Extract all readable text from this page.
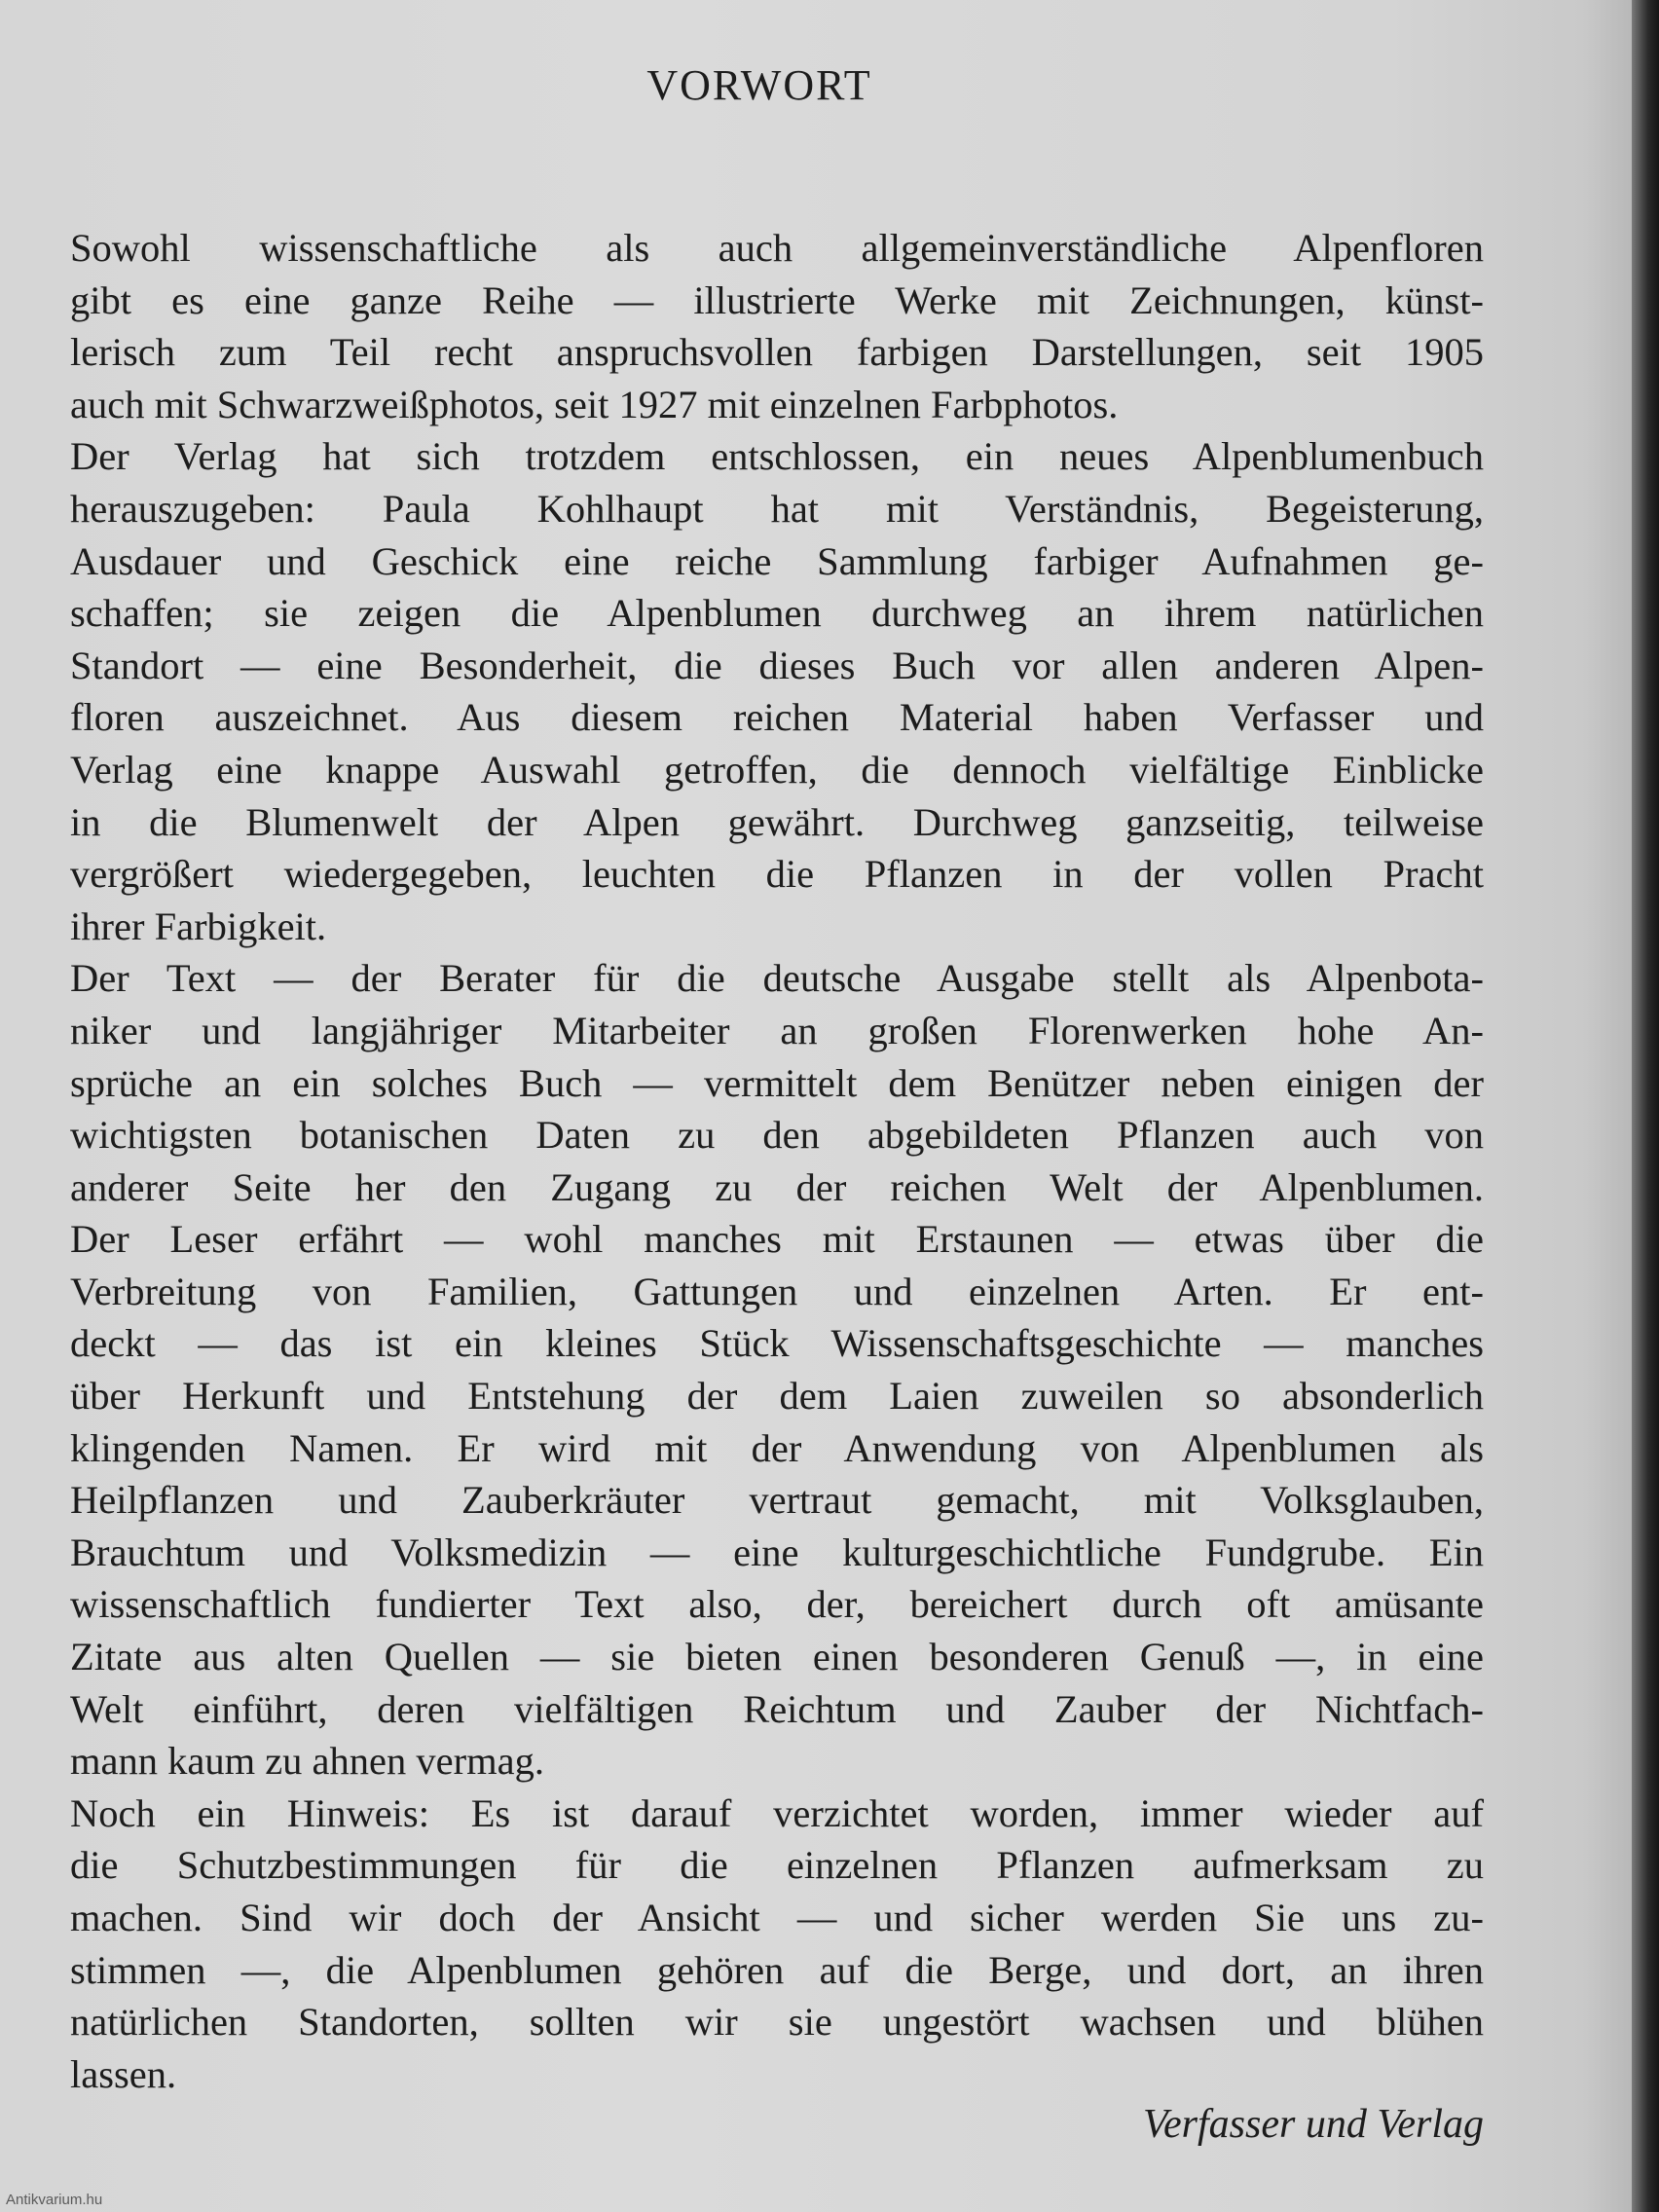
VORWORT
Sowohl wissenschaftliche als auch allgemeinverständliche Alpenfloren
gibt es eine ganze Reihe — illustrierte Werke mit Zeichnungen, künst-
lerisch zum Teil recht anspruchsvollen farbigen Darstellungen, seit 1905
auch mit Schwarzweißphotos, seit 1927 mit einzelnen Farbphotos.
Der Verlag hat sich trotzdem entschlossen, ein neues Alpenblumenbuch
herauszugeben: Paula Kohlhaupt hat mit Verständnis, Begeisterung,
Ausdauer und Geschick eine reiche Sammlung farbiger Aufnahmen ge-
schaffen; sie zeigen die Alpenblumen durchweg an ihrem natürlichen
Standort — eine Besonderheit, die dieses Buch vor allen anderen Alpen-
floren auszeichnet. Aus diesem reichen Material haben Verfasser und
Verlag eine knappe Auswahl getroffen, die dennoch vielfältige Einblicke
in die Blumenwelt der Alpen gewährt. Durchweg ganzseitig, teilweise
vergrößert wiedergegeben, leuchten die Pflanzen in der vollen Pracht
ihrer Farbigkeit.
Der Text — der Berater für die deutsche Ausgabe stellt als Alpenbota-
niker und langjähriger Mitarbeiter an großen Florenwerken hohe An-
sprüche an ein solches Buch — vermittelt dem Benützer neben einigen der
wichtigsten botanischen Daten zu den abgebildeten Pflanzen auch von
anderer Seite her den Zugang zu der reichen Welt der Alpenblumen.
Der Leser erfährt — wohl manches mit Erstaunen — etwas über die
Verbreitung von Familien, Gattungen und einzelnen Arten. Er ent-
deckt — das ist ein kleines Stück Wissenschaftsgeschichte — manches
über Herkunft und Entstehung der dem Laien zuweilen so absonderlich
klingenden Namen. Er wird mit der Anwendung von Alpenblumen als
Heilpflanzen und Zauberkräuter vertraut gemacht, mit Volksglauben,
Brauchtum und Volksmedizin — eine kulturgeschichtliche Fundgrube. Ein
wissenschaftlich fundierter Text also, der, bereichert durch oft amüsante
Zitate aus alten Quellen — sie bieten einen besonderen Genuß —, in eine
Welt einführt, deren vielfältigen Reichtum und Zauber der Nichtfach-
mann kaum zu ahnen vermag.
Noch ein Hinweis: Es ist darauf verzichtet worden, immer wieder auf
die Schutzbestimmungen für die einzelnen Pflanzen aufmerksam zu
machen. Sind wir doch der Ansicht — und sicher werden Sie uns zu-
stimmen —, die Alpenblumen gehören auf die Berge, und dort, an ihren
natürlichen Standorten, sollten wir sie ungestört wachsen und blühen
lassen.
Verfasser und Verlag
Antikvarium.hu
